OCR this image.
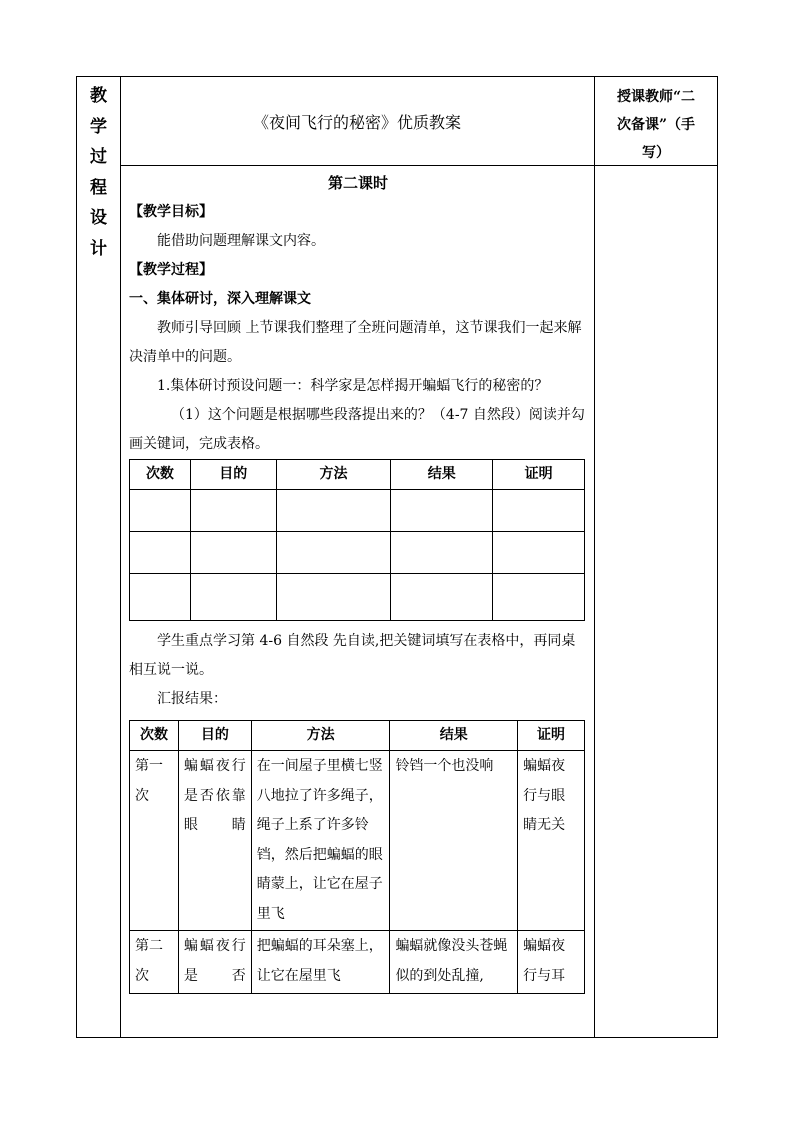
教
学
过
程
设
计
《夜间飞行的秘密》优质教案
授课教师“二
次备课”（手
写）

第二课时

【教学目标】

能借助问题理解课文内容。

【教学过程】

一、集体研讨，深入理解课文

教师引导回顾 上节课我们整理了全班问题清单，这节课我们一起来解决清单中的问题。

1.集体研讨预设问题一：科学家是怎样揭开蝙蝠飞行的秘密的？

（1）这个问题是根据哪些段落提出来的？（4-7 自然段）阅读并勾画关键词，完成表格。

次数	目的	方法	结果	证明

学生重点学习第 4-6 自然段 先自读,把关键词填写在表格中，再同桌相互说一说。

汇报结果：

次数	目的	方法	结果	证明
第一次	蝙蝠夜行是否依靠眼睛	在一间屋子里横七竖八地拉了许多绳子，绳子上系了许多铃铛，然后把蝙蝠的眼睛蒙上，让它在屋子里飞	铃铛一个也没响	蝙蝠夜行与眼睛无关
第二次	蝙蝠夜行是否	把蝙蝠的耳朵塞上，让它在屋里飞	蝙蝠就像没头苍蝇似的到处乱撞,	蝙蝠夜行与耳
